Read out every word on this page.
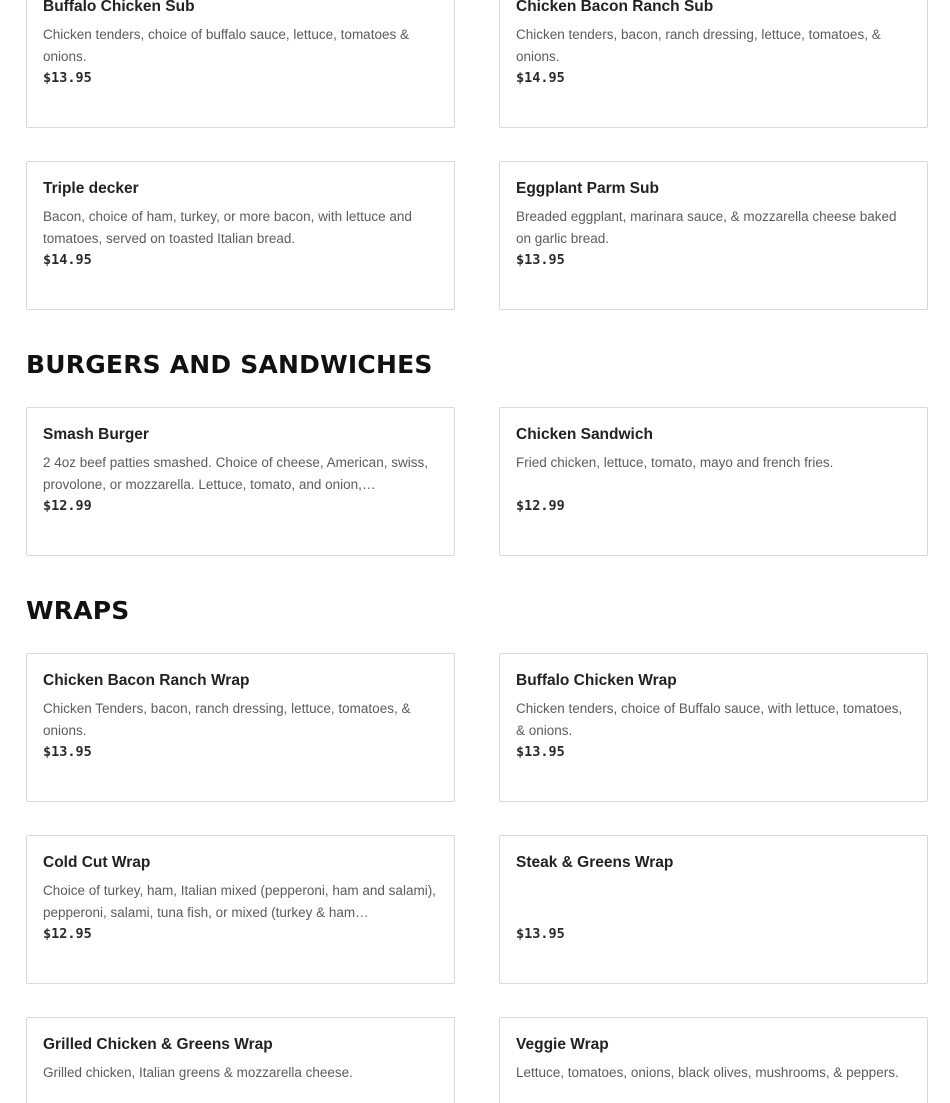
Buffalo Chicken Sub
Chicken tenders, choice of buffalo sauce, lettuce, tomatoes & onions.
$13.95
Chicken Bacon Ranch Sub
Chicken tenders, bacon, ranch dressing, lettuce, tomatoes, & onions.
$14.95
Triple decker
Bacon, choice of ham, turkey, or more bacon, with lettuce and tomatoes, served on toasted Italian bread.
$14.95
Eggplant Parm Sub
Breaded eggplant, marinara sauce, & mozzarella cheese baked on garlic bread.
$13.95
BURGERS AND SANDWICHES
Smash Burger
2 4oz beef patties smashed. Choice of cheese, American, swiss, provolone, or mozzarella. Lettuce, tomato, and onion,…
$12.99
Chicken Sandwich
Fried chicken, lettuce, tomato, mayo and french fries.
$12.99
WRAPS
Chicken Bacon Ranch Wrap
Chicken Tenders, bacon, ranch dressing, lettuce, tomatoes, & onions.
$13.95
Buffalo Chicken Wrap
Chicken tenders, choice of Buffalo sauce, with lettuce, tomatoes, & onions.
$13.95
Cold Cut Wrap
Choice of turkey, ham, Italian mixed (pepperoni, ham and salami), pepperoni, salami, tuna fish, or mixed (turkey & ham…
$12.95
Steak & Greens Wrap
$13.95
Grilled Chicken & Greens Wrap
Grilled chicken, Italian greens & mozzarella cheese.
Veggie Wrap
Lettuce, tomatoes, onions, black olives, mushrooms, & peppers.
